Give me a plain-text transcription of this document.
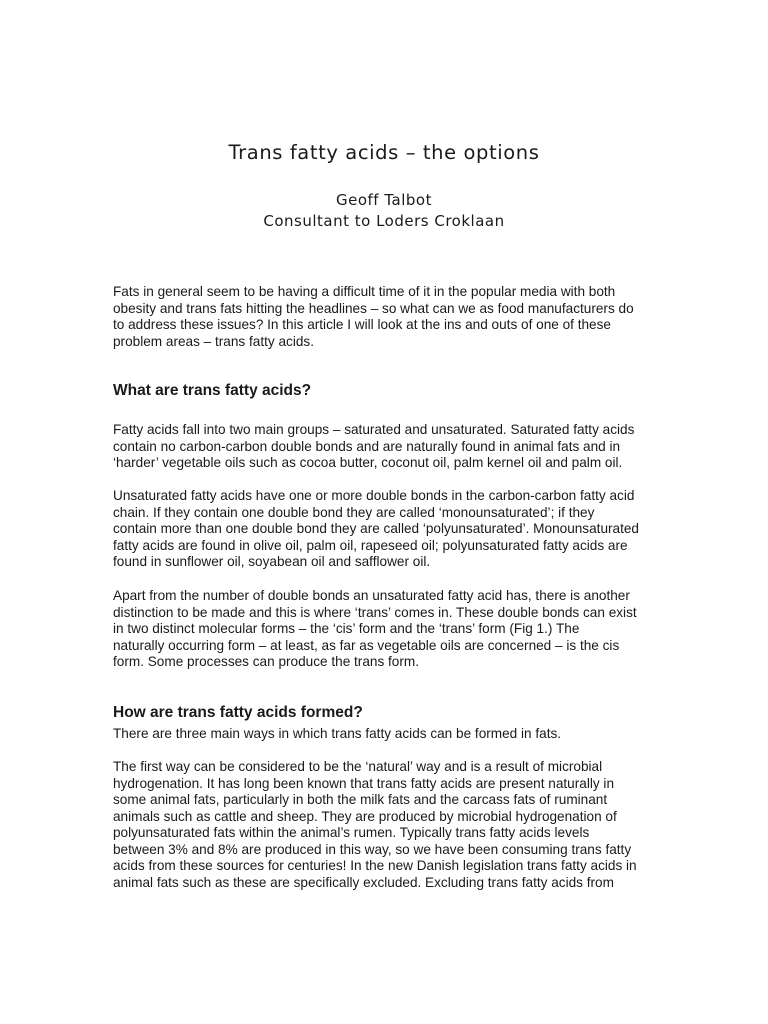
Trans fatty acids – the options
Geoff Talbot
Consultant to Loders Croklaan

Fats in general seem to be having a difficult time of it in the popular media with both
obesity and trans fats hitting the headlines – so what can we as food manufacturers do
to address these issues? In this article I will look at the ins and outs of one of these
problem areas – trans fatty acids.

What are trans fatty acids?

Fatty acids fall into two main groups – saturated and unsaturated. Saturated fatty acids
contain no carbon-carbon double bonds and are naturally found in animal fats and in
‘harder’ vegetable oils such as cocoa butter, coconut oil, palm kernel oil and palm oil.

Unsaturated fatty acids have one or more double bonds in the carbon-carbon fatty acid
chain. If they contain one double bond they are called ‘monounsaturated’; if they
contain more than one double bond they are called ‘polyunsaturated’. Monounsaturated
fatty acids are found in olive oil, palm oil, rapeseed oil; polyunsaturated fatty acids are
found in sunflower oil, soyabean oil and safflower oil.

Apart from the number of double bonds an unsaturated fatty acid has, there is another
distinction to be made and this is where ‘trans’ comes in. These double bonds can exist
in two distinct molecular forms – the ‘cis’ form and the ‘trans’ form (Fig 1.) The
naturally occurring form – at least, as far as vegetable oils are concerned – is the cis
form. Some processes can produce the trans form.

How are trans fatty acids formed?

There are three main ways in which trans fatty acids can be formed in fats.

The first way can be considered to be the ‘natural’ way and is a result of microbial
hydrogenation. It has long been known that trans fatty acids are present naturally in
some animal fats, particularly in both the milk fats and the carcass fats of ruminant
animals such as cattle and sheep. They are produced by microbial hydrogenation of
polyunsaturated fats within the animal’s rumen. Typically trans fatty acids levels
between 3% and 8% are produced in this way, so we have been consuming trans fatty
acids from these sources for centuries! In the new Danish legislation trans fatty acids in
animal fats such as these are specifically excluded. Excluding trans fatty acids from
